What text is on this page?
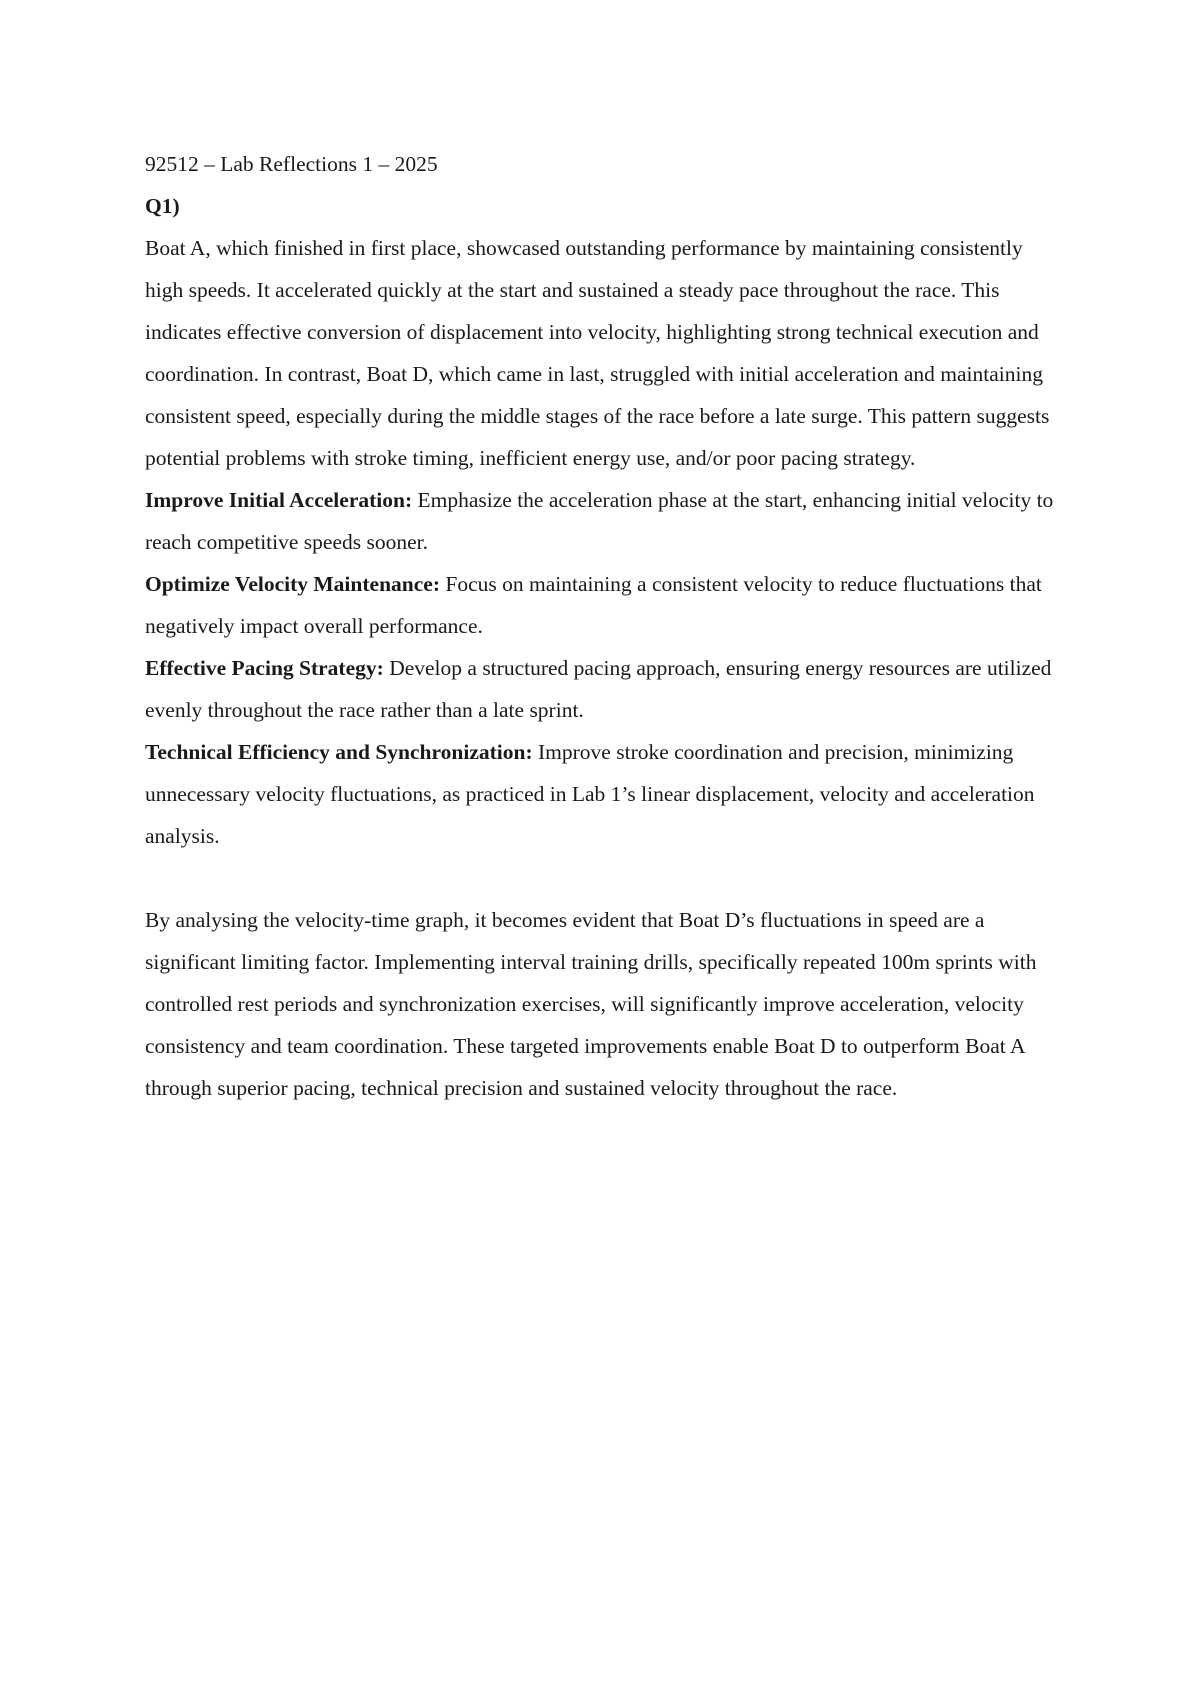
92512 – Lab Reflections 1 – 2025

Q1)

Boat A, which finished in first place, showcased outstanding performance by maintaining consistently high speeds. It accelerated quickly at the start and sustained a steady pace throughout the race. This indicates effective conversion of displacement into velocity, highlighting strong technical execution and coordination. In contrast, Boat D, which came in last, struggled with initial acceleration and maintaining consistent speed, especially during the middle stages of the race before a late surge. This pattern suggests potential problems with stroke timing, inefficient energy use, and/or poor pacing strategy.

Improve Initial Acceleration: Emphasize the acceleration phase at the start, enhancing initial velocity to reach competitive speeds sooner.

Optimize Velocity Maintenance: Focus on maintaining a consistent velocity to reduce fluctuations that negatively impact overall performance.

Effective Pacing Strategy: Develop a structured pacing approach, ensuring energy resources are utilized evenly throughout the race rather than a late sprint.

Technical Efficiency and Synchronization: Improve stroke coordination and precision, minimizing unnecessary velocity fluctuations, as practiced in Lab 1’s linear displacement, velocity and acceleration analysis.

By analysing the velocity-time graph, it becomes evident that Boat D’s fluctuations in speed are a significant limiting factor. Implementing interval training drills, specifically repeated 100m sprints with controlled rest periods and synchronization exercises, will significantly improve acceleration, velocity consistency and team coordination. These targeted improvements enable Boat D to outperform Boat A through superior pacing, technical precision and sustained velocity throughout the race.
